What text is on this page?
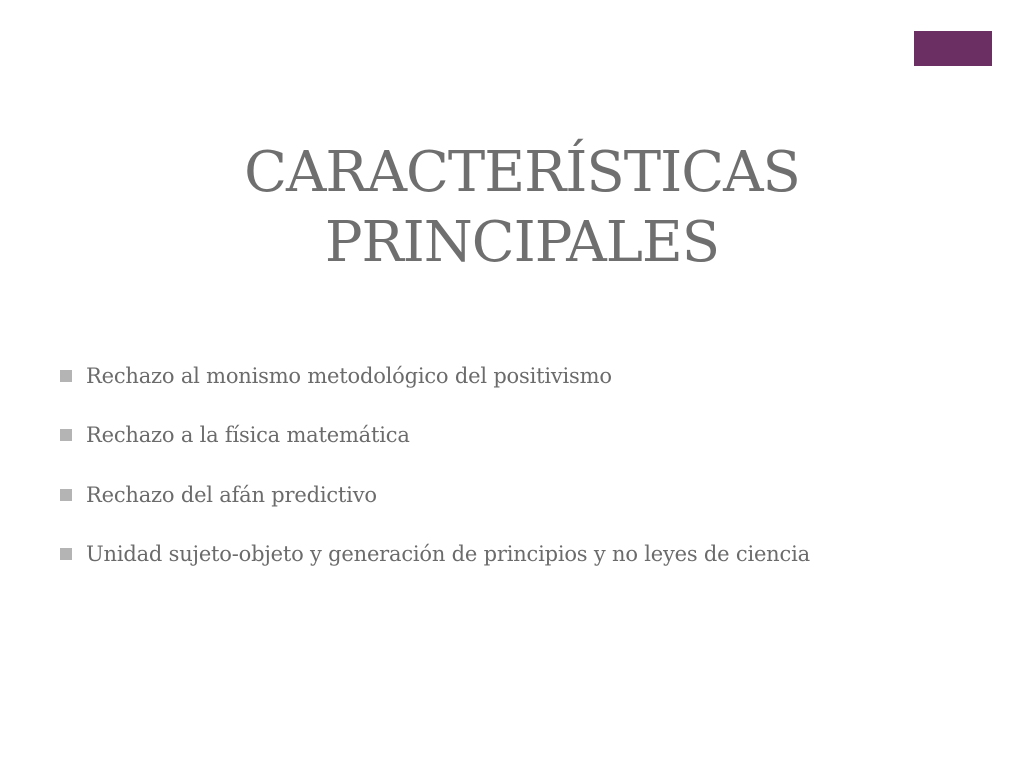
CARACTERÍSTICAS
PRINCIPALES
Rechazo al monismo metodológico del positivismo
Rechazo a la física matemática
Rechazo del afán predictivo
Unidad sujeto-objeto y generación de principios y no leyes de ciencia
